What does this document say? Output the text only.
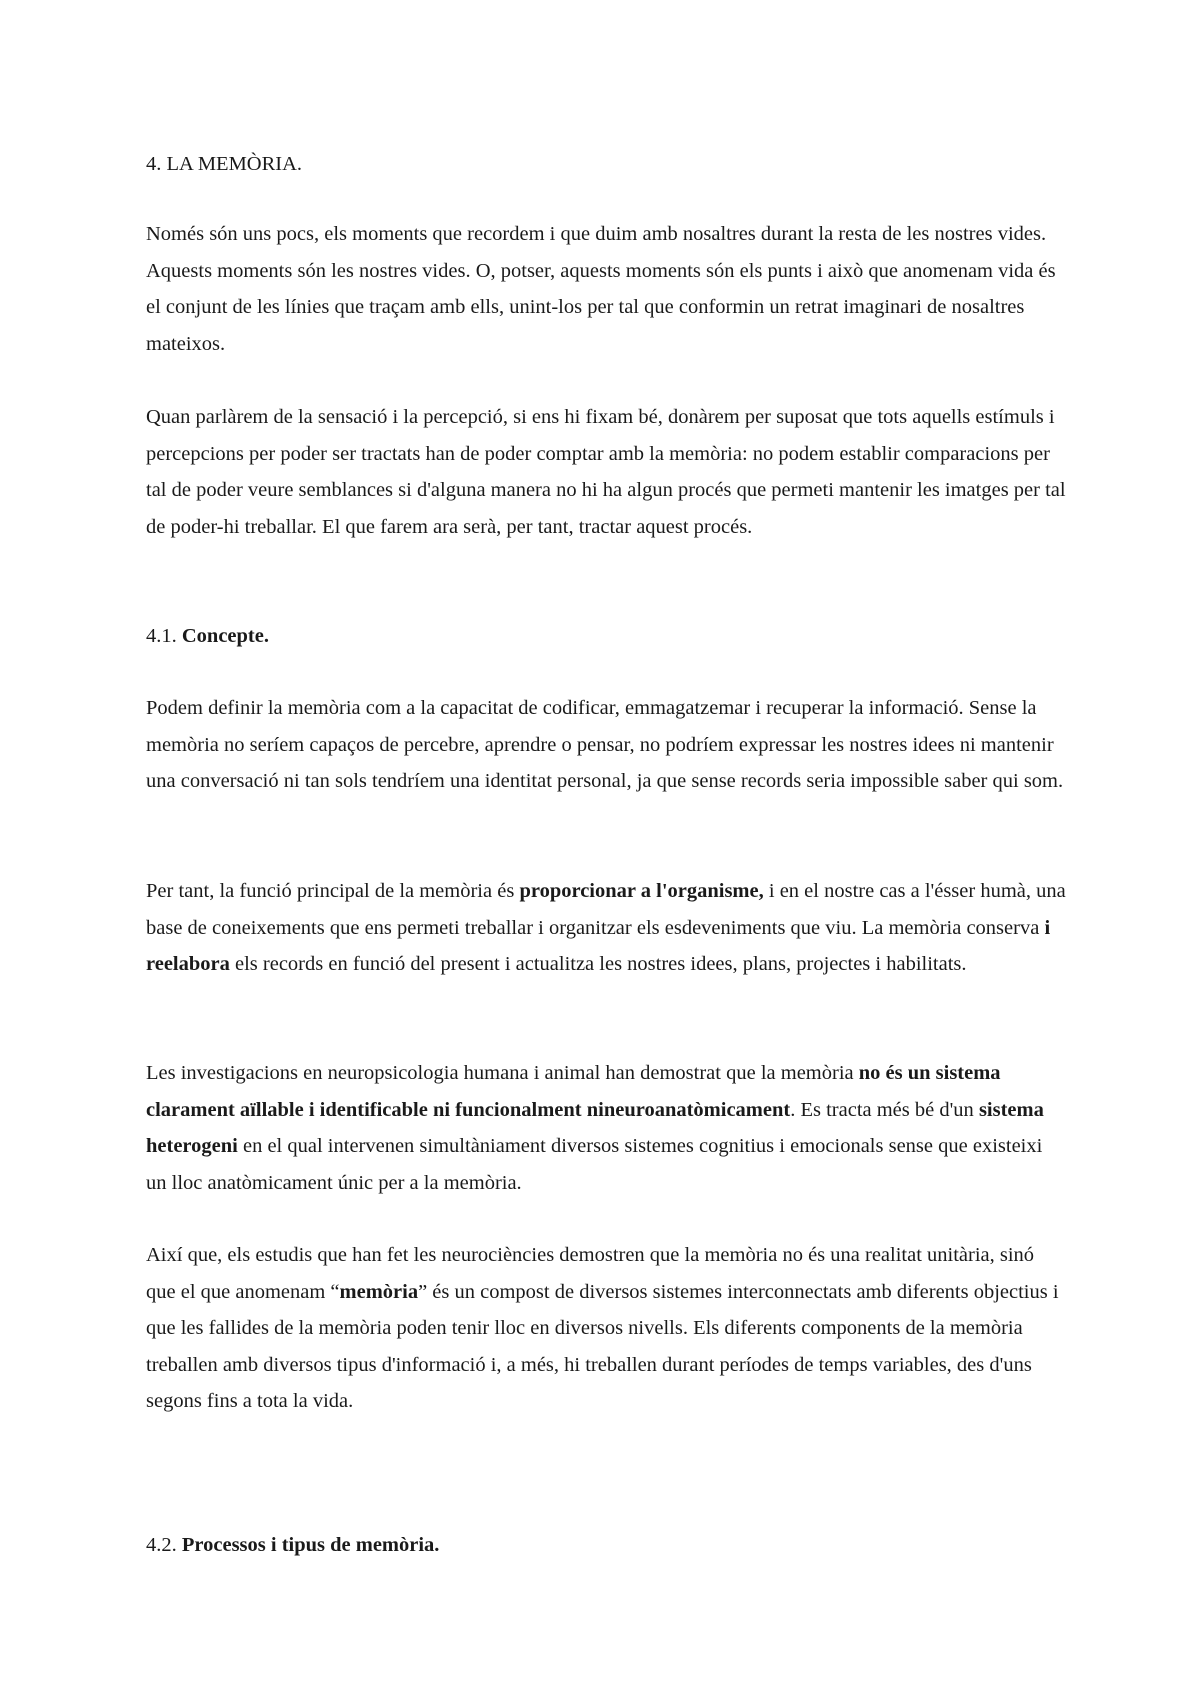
4. LA MEMÒRIA.

Només són uns pocs, els moments que recordem i que duim amb nosaltres durant la resta de les nostres vides. Aquests moments són les nostres vides. O, potser, aquests moments són els punts i això que anomenam vida és el conjunt de les línies que traçam amb ells, unint-los per tal que conformin un retrat imaginari de nosaltres mateixos.

Quan parlàrem de la sensació i la percepció, si ens hi fixam bé, donàrem per suposat que tots aquells estímuls i percepcions per poder ser tractats han de poder comptar amb la memòria: no podem establir comparacions per tal de poder veure semblances si d'alguna manera no hi ha algun procés que permeti mantenir les imatges per tal de poder-hi treballar. El que farem ara serà, per tant, tractar aquest procés.

4.1. Concepte.

Podem definir la memòria com a la capacitat de codificar, emmagatzemar i recuperar la informació. Sense la memòria no seríem capaços de percebre, aprendre o pensar, no podríem expressar les nostres idees ni mantenir una conversació ni tan sols tendríem una identitat personal, ja que sense records seria impossible saber qui som.

Per tant, la funció principal de la memòria és proporcionar a l'organisme, i en el nostre cas a l'ésser humà, una base de coneixements que ens permeti treballar i organitzar els esdeveniments que viu. La memòria conserva i reelabora els records en funció del present i actualitza les nostres idees, plans, projectes i habilitats.

Les investigacions en neuropsicologia humana i animal han demostrat que la memòria no és un sistema clarament aïllable i identificable ni funcionalment nineuroanatòmicament. Es tracta més bé d'un sistema heterogeni en el qual intervenen simultàniament diversos sistemes cognitius i emocionals sense que existeixi un lloc anatòmicament únic per a la memòria.

Així que, els estudis que han fet les neurociències demostren que la memòria no és una realitat unitària, sinó que el que anomenam “memòria” és un compost de diversos sistemes interconnectats amb diferents objectius i que les fallides de la memòria poden tenir lloc en diversos nivells. Els diferents components de la memòria treballen amb diversos tipus d'informació i, a més, hi treballen durant períodes de temps variables, des d'uns segons fins a tota la vida.

4.2. Processos i tipus de memòria.
